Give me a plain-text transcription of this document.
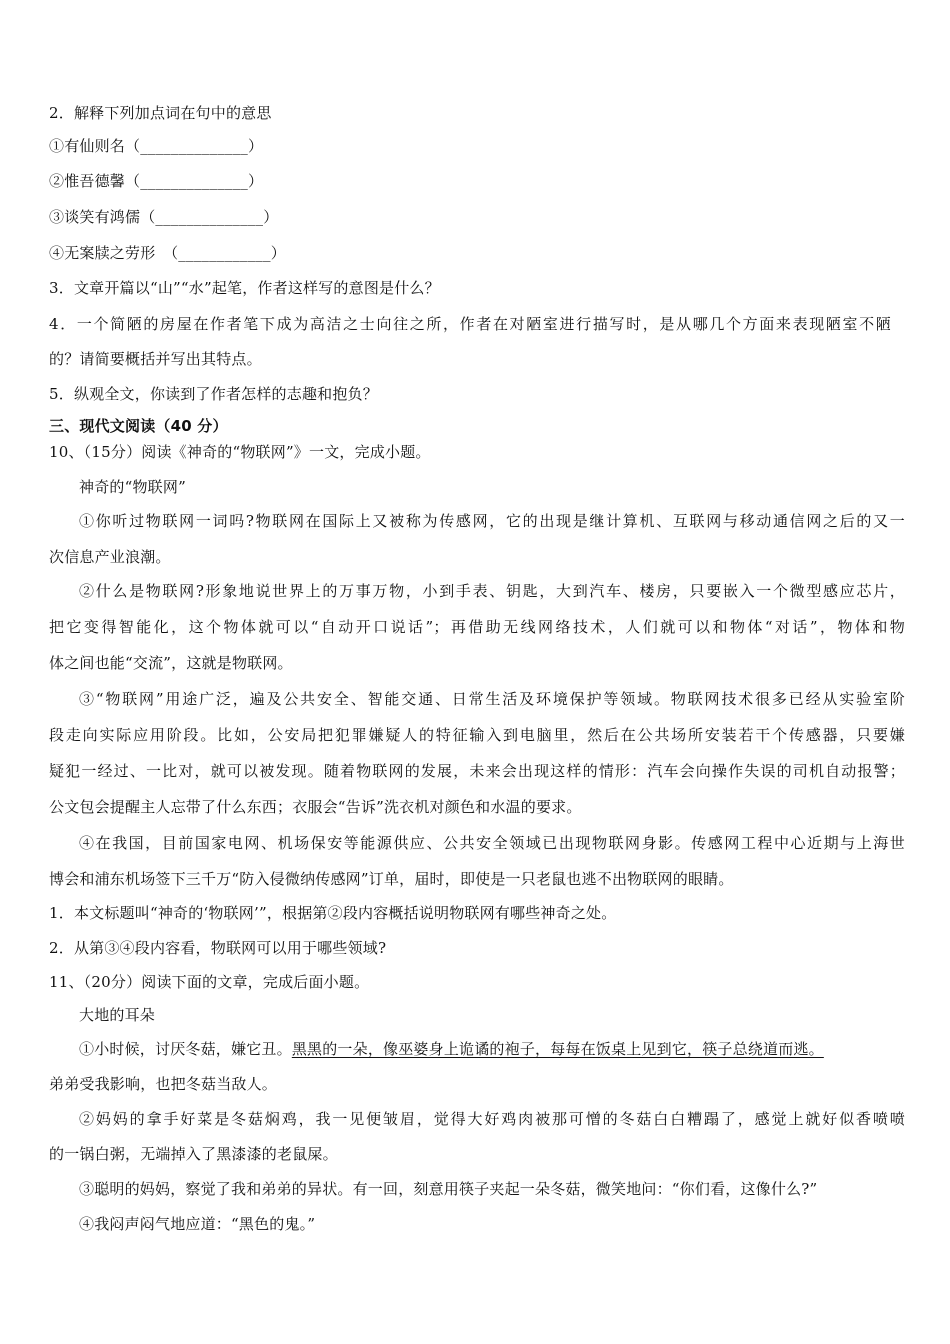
2．解释下列加点词在句中的意思
①有仙则名（______________）
②惟吾德馨（______________）
③谈笑有鸿儒（______________）
④无案牍之劳形　（____________）
3．文章开篇以“山”“水”起笔，作者这样写的意图是什么？
4．一个简陋的房屋在作者笔下成为高洁之士向往之所，作者在对陋室进行描写时，是从哪几个方面来表现陋室不陋
的？请简要概括并写出其特点。
5．纵观全文，你读到了作者怎样的志趣和抱负？
三、现代文阅读（40 分）
10、（15分）阅读《神奇的“物联网”》一文，完成小题。
神奇的“物联网”
①你听过物联网一词吗?物联网在国际上又被称为传感网，它的出现是继计算机、互联网与移动通信网之后的又一
次信息产业浪潮。
②什么是物联网?形象地说世界上的万事万物，小到手表、钥匙，大到汽车、楼房，只要嵌入一个微型感应芯片，
把它变得智能化，这个物体就可以“自动开口说话”；再借助无线网络技术，人们就可以和物体“对话”，物体和物
体之间也能“交流”，这就是物联网。
③“物联网”用途广泛，遍及公共安全、智能交通、日常生活及环境保护等领域。物联网技术很多已经从实验室阶
段走向实际应用阶段。比如，公安局把犯罪嫌疑人的特征输入到电脑里，然后在公共场所安装若干个传感器，只要嫌
疑犯一经过、一比对，就可以被发现。随着物联网的发展，未来会出现这样的情形：汽车会向操作失误的司机自动报警；
公文包会提醒主人忘带了什么东西；衣服会“告诉”洗衣机对颜色和水温的要求。
④在我国，目前国家电网、机场保安等能源供应、公共安全领域已出现物联网身影。传感网工程中心近期与上海世
博会和浦东机场签下三千万“防入侵微纳传感网”订单，届时，即使是一只老鼠也逃不出物联网的眼睛。
1．本文标题叫“神奇的‘物联网’”，根据第②段内容概括说明物联网有哪些神奇之处。
2．从第③④段内容看，物联网可以用于哪些领域?
11、（20分）阅读下面的文章，完成后面小题。
大地的耳朵
①小时候，讨厌冬菇，嫌它丑。黑黑的一朵，像巫婆身上诡谲的袍子，每每在饭桌上见到它，筷子总绕道而逃。
弟弟受我影响，也把冬菇当敌人。
②妈妈的拿手好菜是冬菇焖鸡，我一见便皱眉，觉得大好鸡肉被那可憎的冬菇白白糟蹋了，感觉上就好似香喷喷
的一锅白粥，无端掉入了黑漆漆的老鼠屎。
③聪明的妈妈，察觉了我和弟弟的异状。有一回，刻意用筷子夹起一朵冬菇，微笑地问：“你们看，这像什么?”
④我闷声闷气地应道：“黑色的鬼。”
